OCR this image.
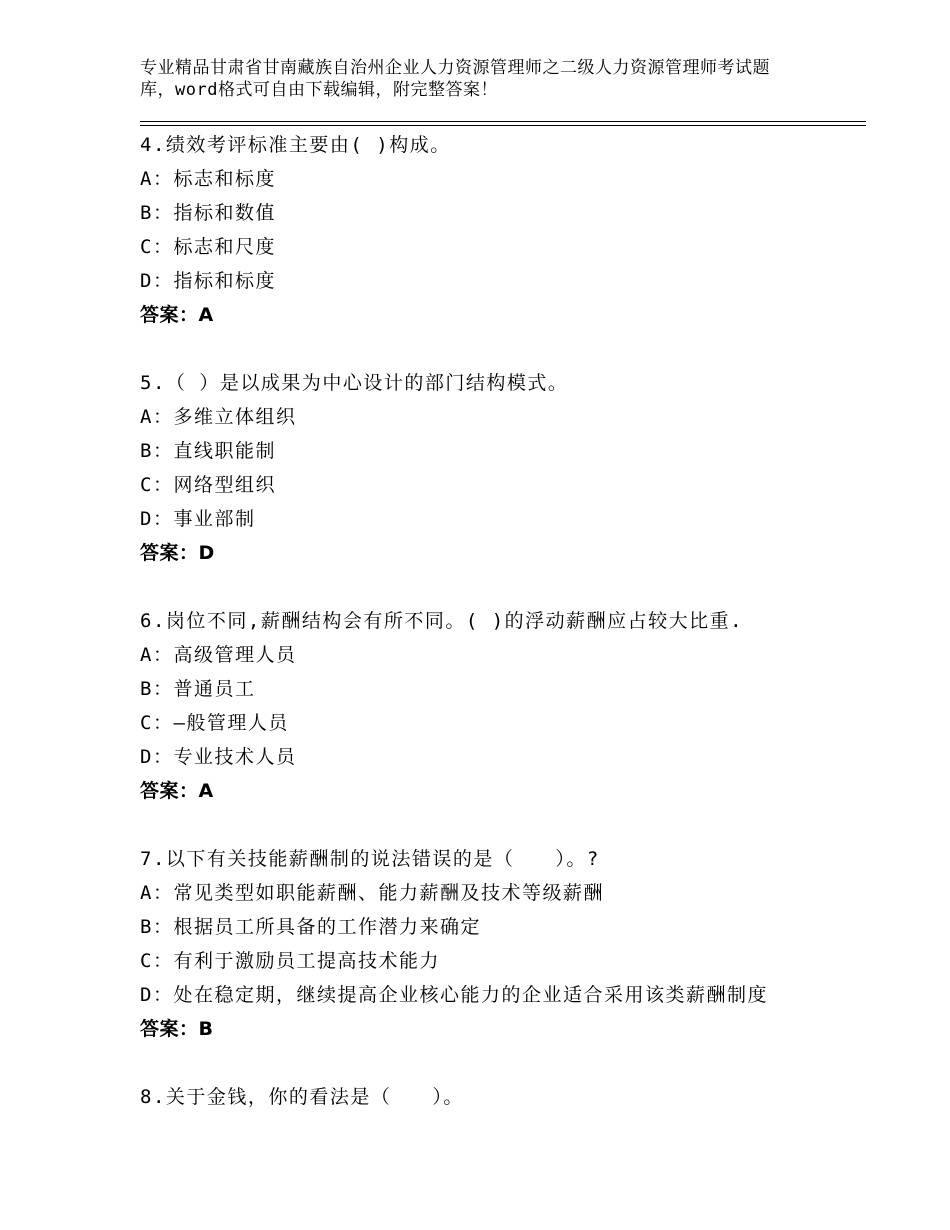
专业精品甘肃省甘南藏族自治州企业人力资源管理师之二级人力资源管理师考试题
库，word格式可自由下载编辑，附完整答案！
4.绩效考评标准主要由( )构成。
A：标志和标度
B：指标和数值
C：标志和尺度
D：指标和标度
答案：A
5.（ ）是以成果为中心设计的部门结构模式。
A：多维立体组织
B：直线职能制
C：网络型组织
D：事业部制
答案：D
6.岗位不同,薪酬结构会有所不同。( )的浮动薪酬应占较大比重.
A：高级管理人员
B：普通员工
C：—般管理人员
D：专业技术人员
答案：A
7.以下有关技能薪酬制的说法错误的是（　　）。?
A：常见类型如职能薪酬、能力薪酬及技术等级薪酬
B：根据员工所具备的工作潜力来确定
C：有利于激励员工提高技术能力
D：处在稳定期，继续提高企业核心能力的企业适合采用该类薪酬制度
答案：B
8.关于金钱，你的看法是（　　）。
